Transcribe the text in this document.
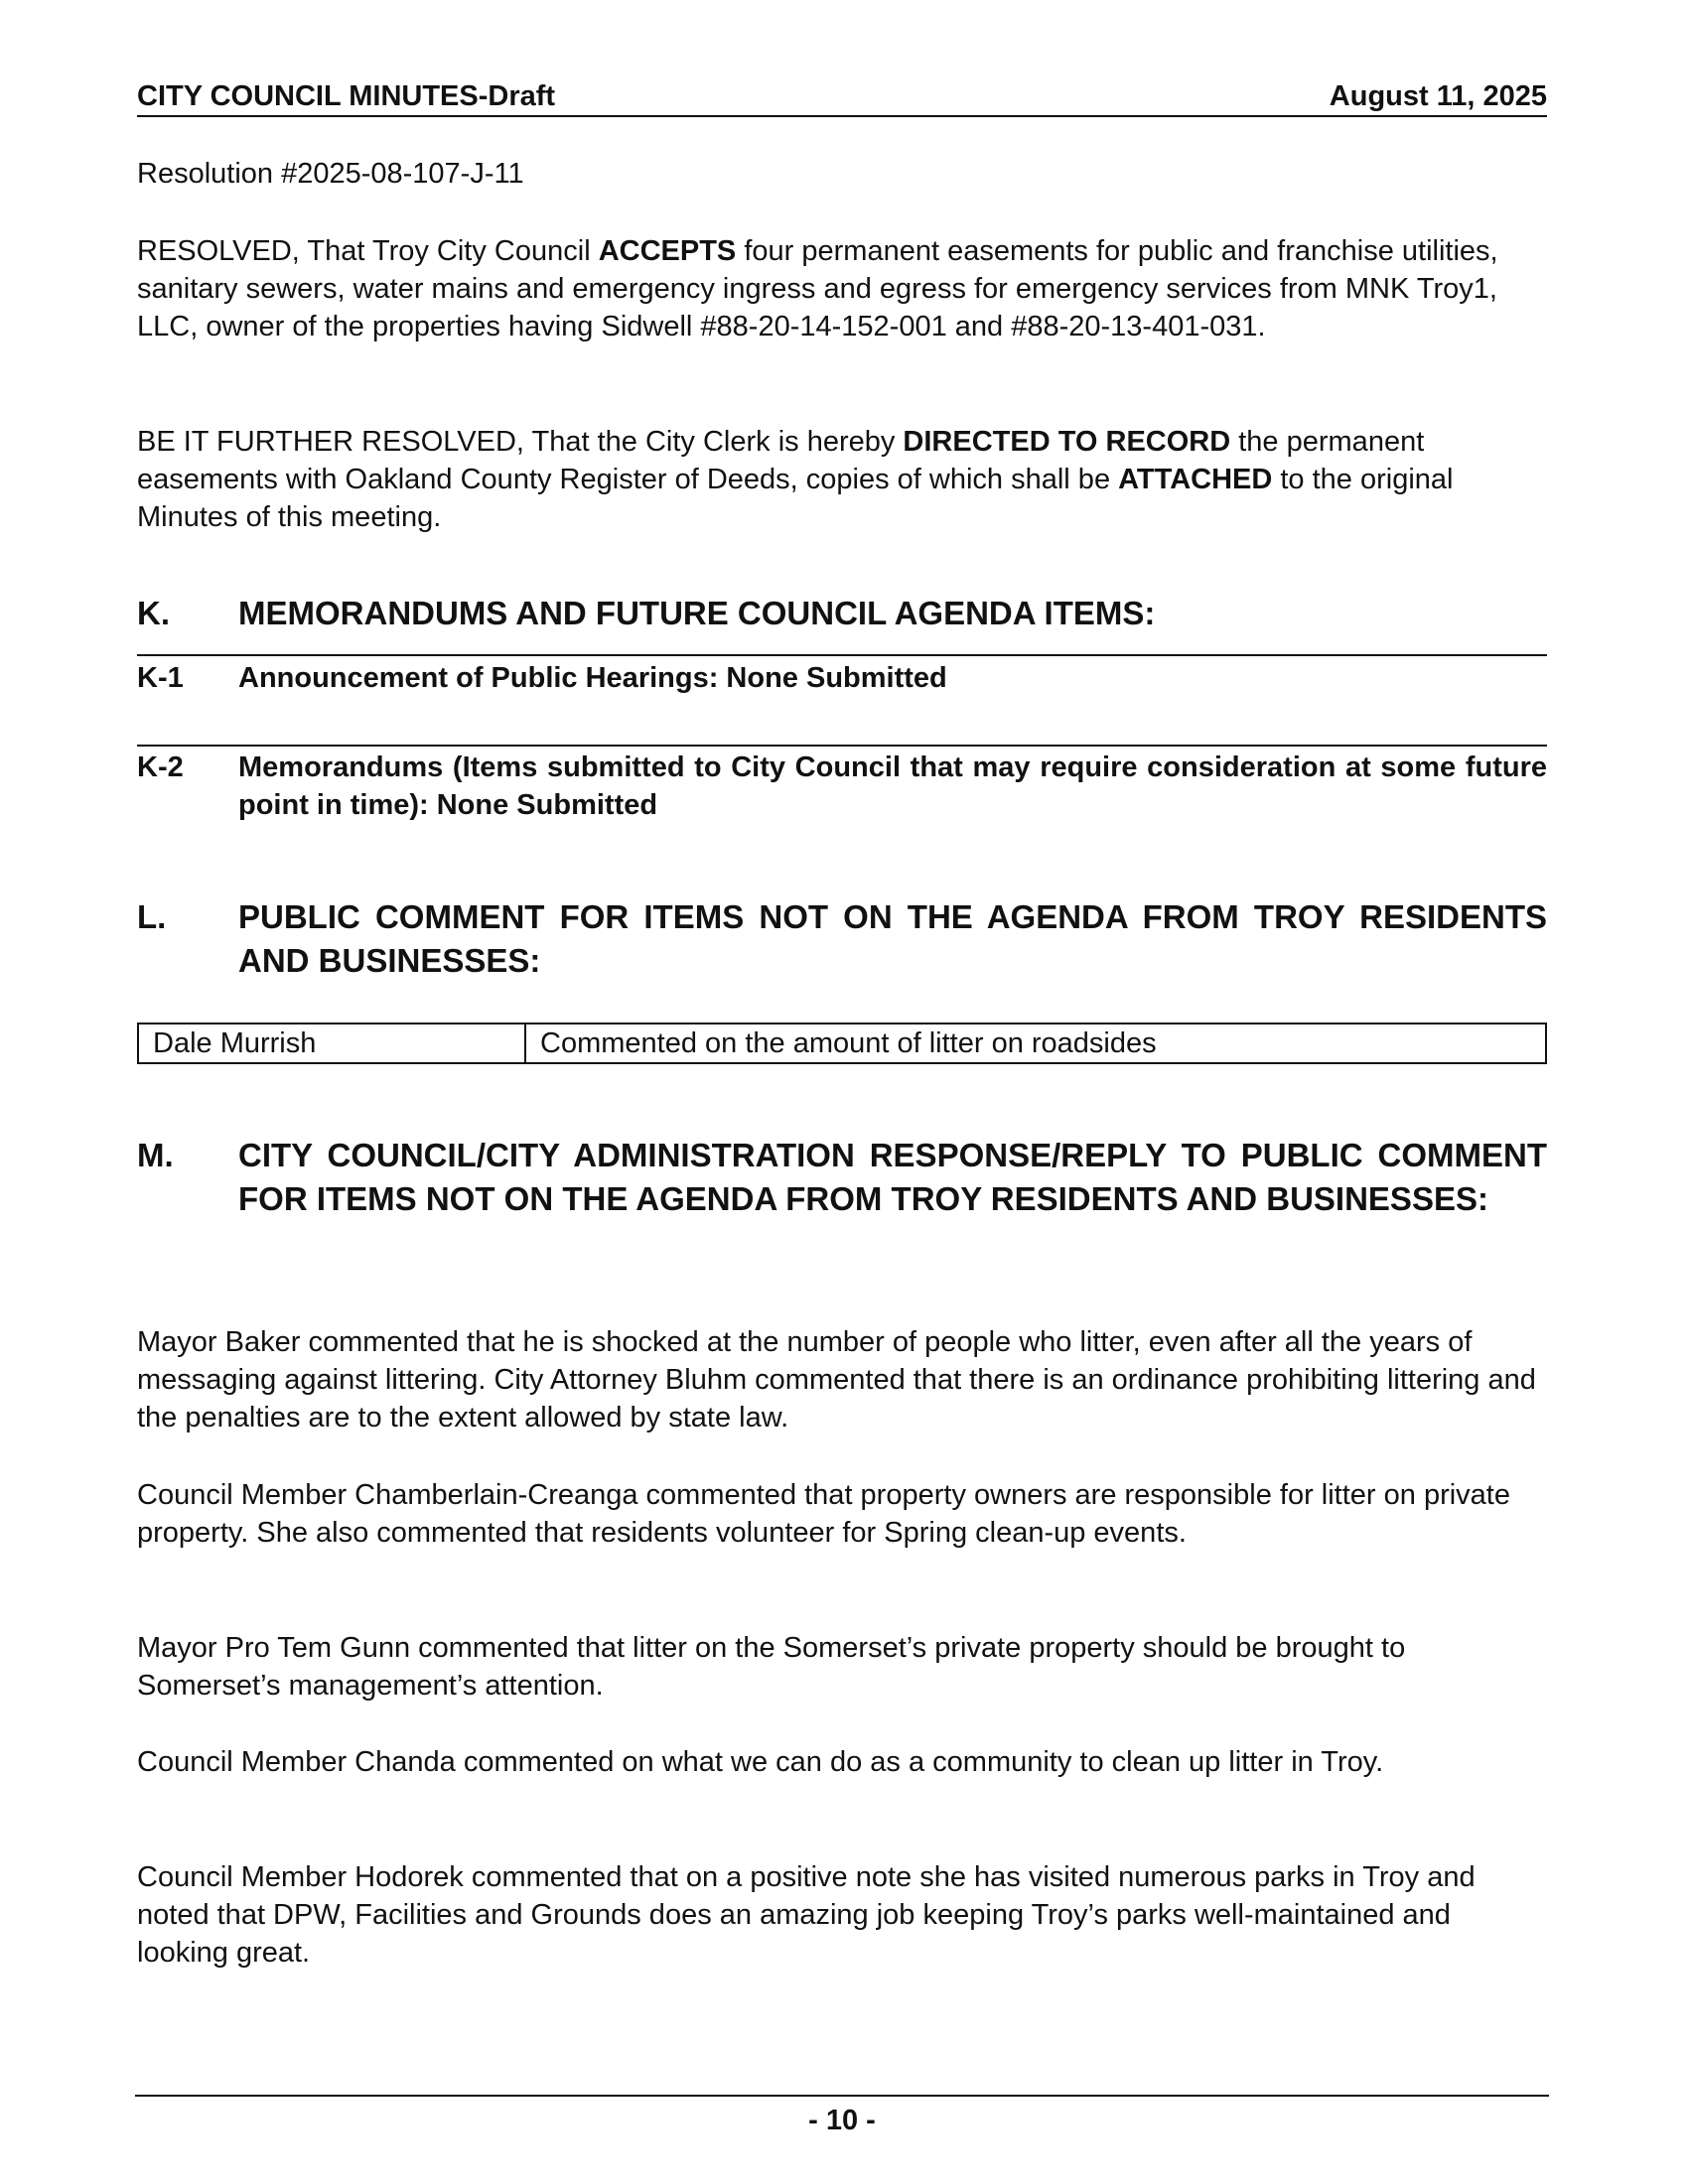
CITY COUNCIL MINUTES-Draft	August 11, 2025

Resolution #2025-08-107-J-11

RESOLVED, That Troy City Council ACCEPTS four permanent easements for public and franchise utilities, sanitary sewers, water mains and emergency ingress and egress for emergency services from MNK Troy1, LLC, owner of the properties having Sidwell #88-20-14-152-001 and #88-20-13-401-031.

BE IT FURTHER RESOLVED, That the City Clerk is hereby DIRECTED TO RECORD the permanent easements with Oakland County Register of Deeds, copies of which shall be ATTACHED to the original Minutes of this meeting.

K. MEMORANDUMS AND FUTURE COUNCIL AGENDA ITEMS:
K-1 Announcement of Public Hearings: None Submitted
K-2 Memorandums (Items submitted to City Council that may require consideration at some future point in time): None Submitted
L. PUBLIC COMMENT FOR ITEMS NOT ON THE AGENDA FROM TROY RESIDENTS AND BUSINESSES:
Dale Murrish	Commented on the amount of litter on roadsides
M. CITY COUNCIL/CITY ADMINISTRATION RESPONSE/REPLY TO PUBLIC COMMENT FOR ITEMS NOT ON THE AGENDA FROM TROY RESIDENTS AND BUSINESSES:

Mayor Baker commented that he is shocked at the number of people who litter, even after all the years of messaging against littering. City Attorney Bluhm commented that there is an ordinance prohibiting littering and the penalties are to the extent allowed by state law.

Council Member Chamberlain-Creanga commented that property owners are responsible for litter on private property. She also commented that residents volunteer for Spring clean-up events.

Mayor Pro Tem Gunn commented that litter on the Somerset’s private property should be brought to Somerset’s management’s attention.

Council Member Chanda commented on what we can do as a community to clean up litter in Troy.

Council Member Hodorek commented that on a positive note she has visited numerous parks in Troy and noted that DPW, Facilities and Grounds does an amazing job keeping Troy’s parks well-maintained and looking great.

- 10 -
